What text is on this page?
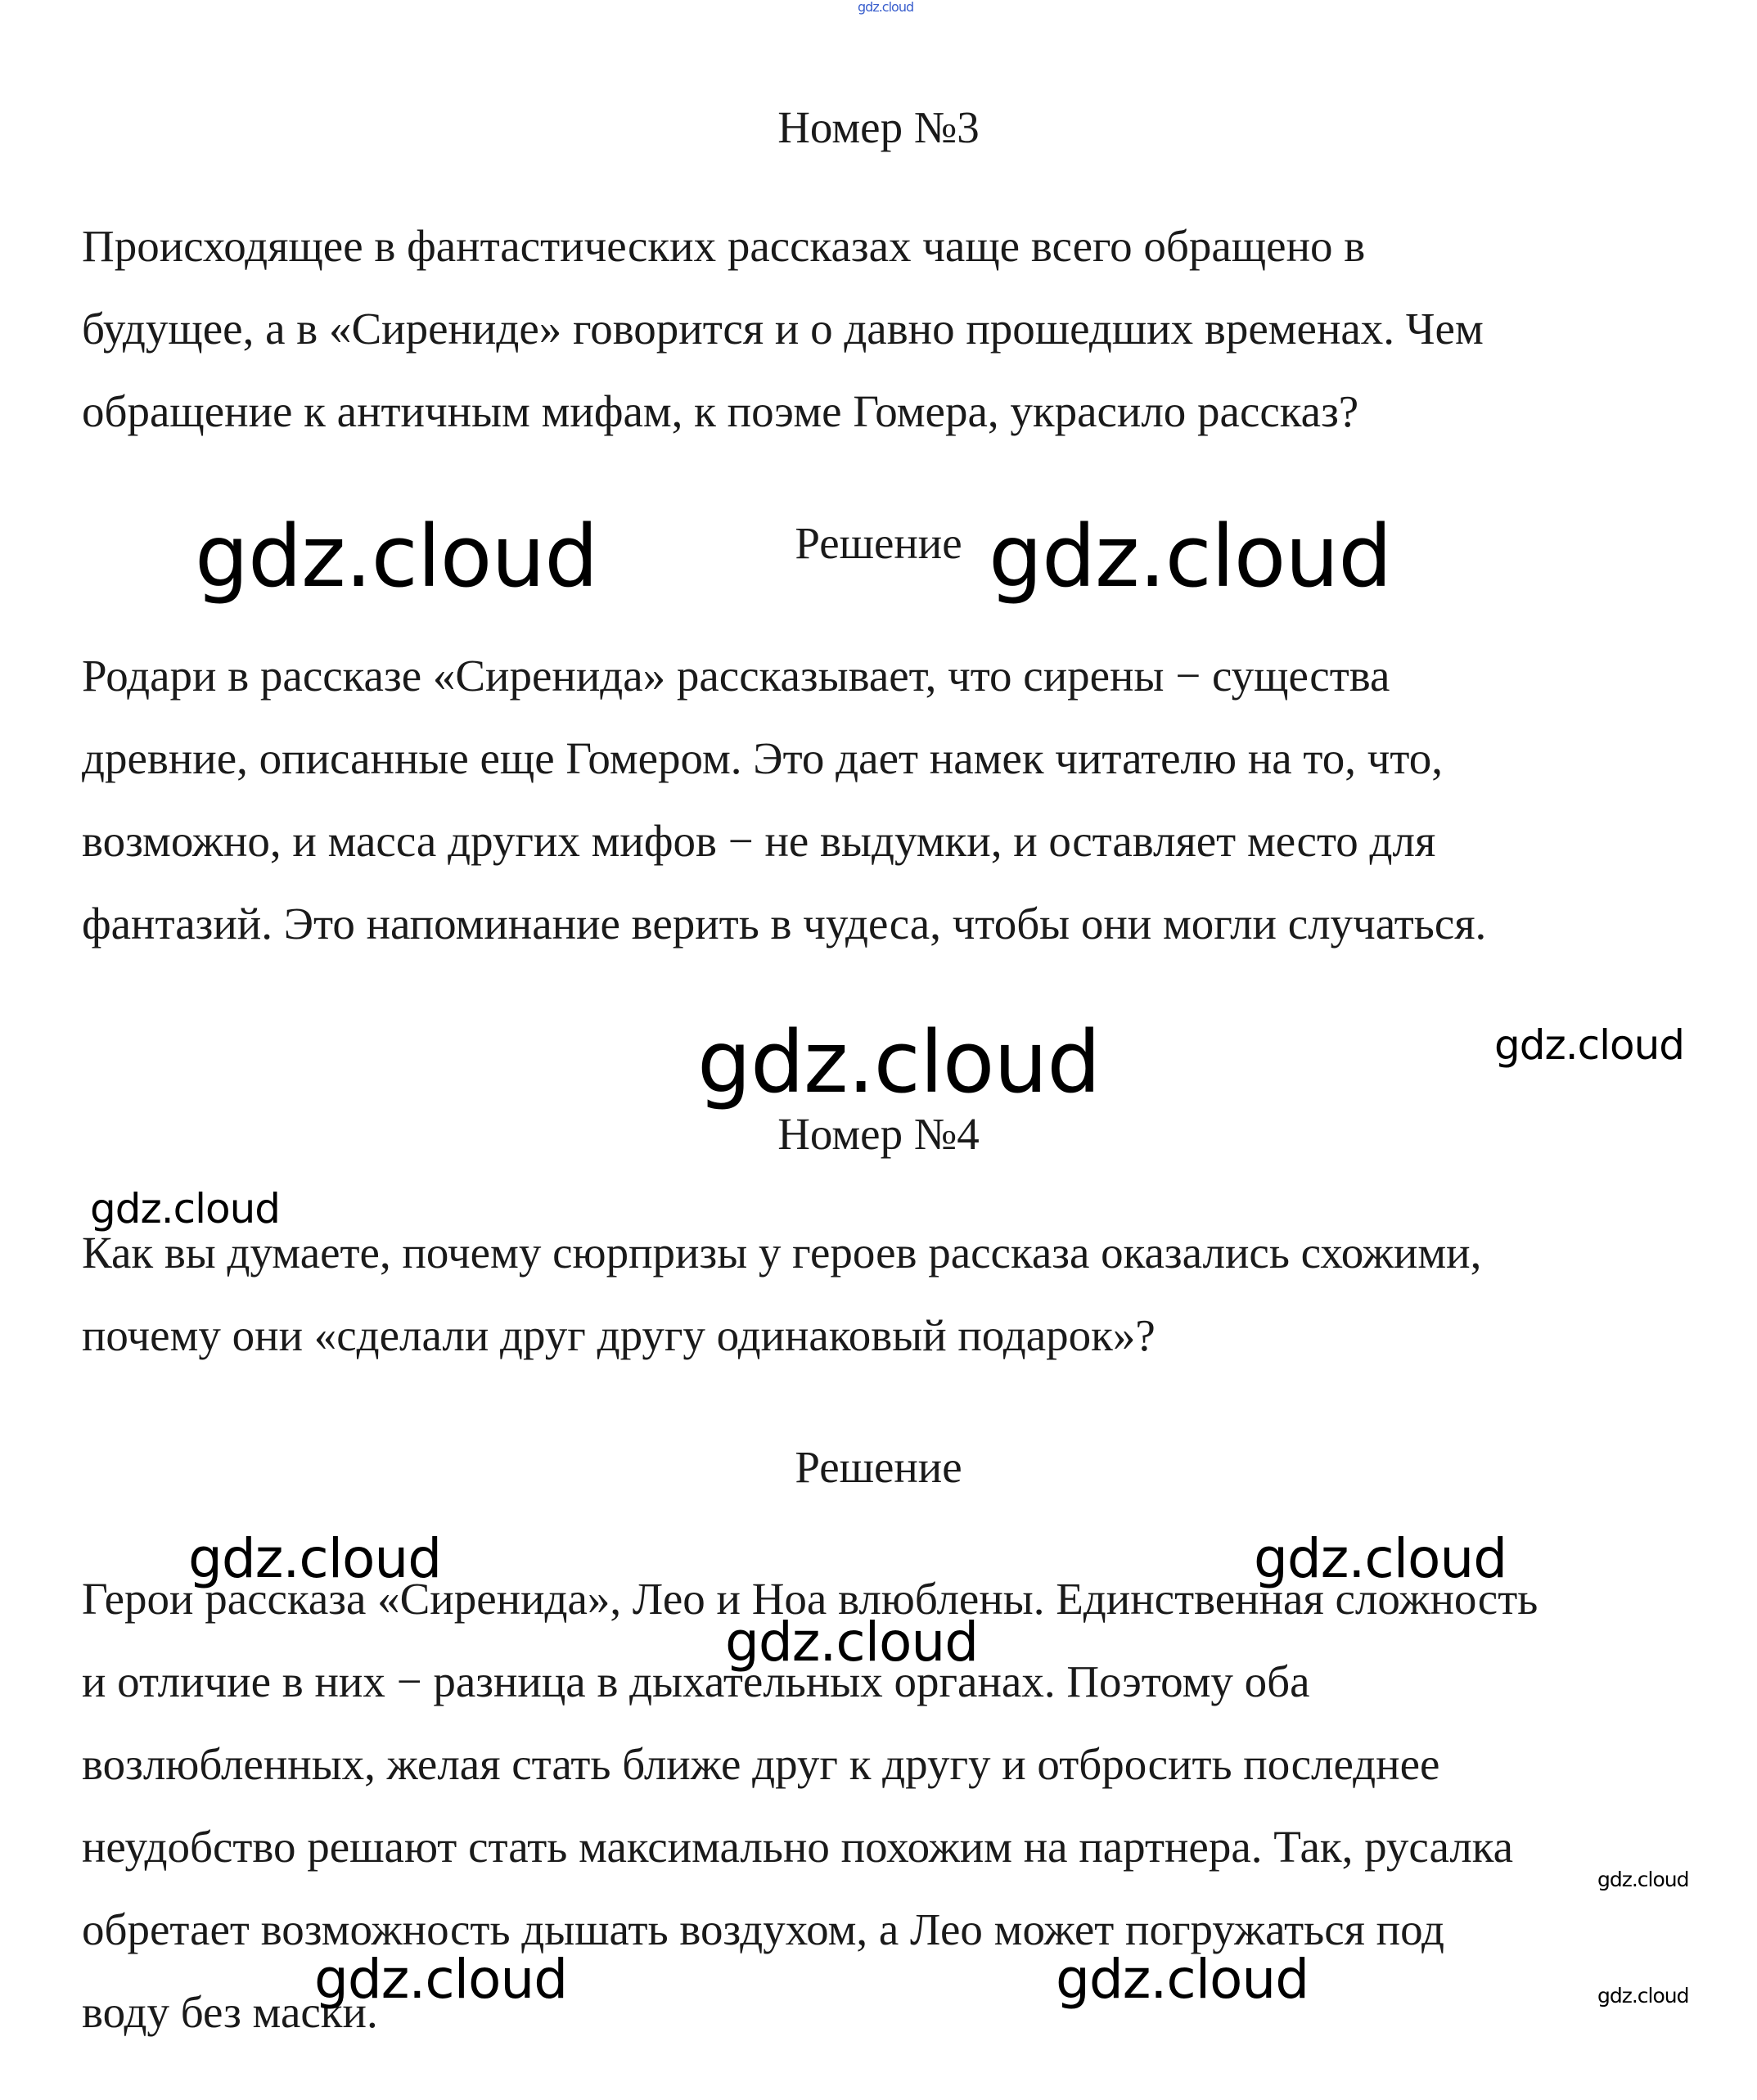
Номер №3
Происходящее в фантастических рассказах чаще всего обращено в
будущее, а в «Сирениде» говорится и о давно прошедших временах. Чем
обращение к античным мифам, к поэме Гомера, украсило рассказ?
Решение
Родари в рассказе «Сиренида» рассказывает, что сирены − существа
древние, описанные еще Гомером. Это дает намек читателю на то, что,
возможно, и масса других мифов − не выдумки, и оставляет место для
фантазий. Это напоминание верить в чудеса, чтобы они могли случаться.
Номер №4
Как вы думаете, почему сюрпризы у героев рассказа оказались схожими,
почему они «сделали друг другу одинаковый подарок»?
Решение
Герои рассказа «Сиренида», Лео и Ноа влюблены. Единственная сложность
и отличие в них − разница в дыхательных органах. Поэтому оба
возлюбленных, желая стать ближе друг к другу и отбросить последнее
неудобство решают стать максимально похожим на партнера. Так, русалка
обретает возможность дышать воздухом, а Лео может погружаться под
воду без маски.
gdz.cloud
gdz.cloud	gdz.cloud
gdz.cloud	gdz.cloud
gdz.cloud
gdz.cloud	gdz.cloud
gdz.cloud
gdz.cloud
gdz.cloud	gdz.cloud	gdz.cloud
